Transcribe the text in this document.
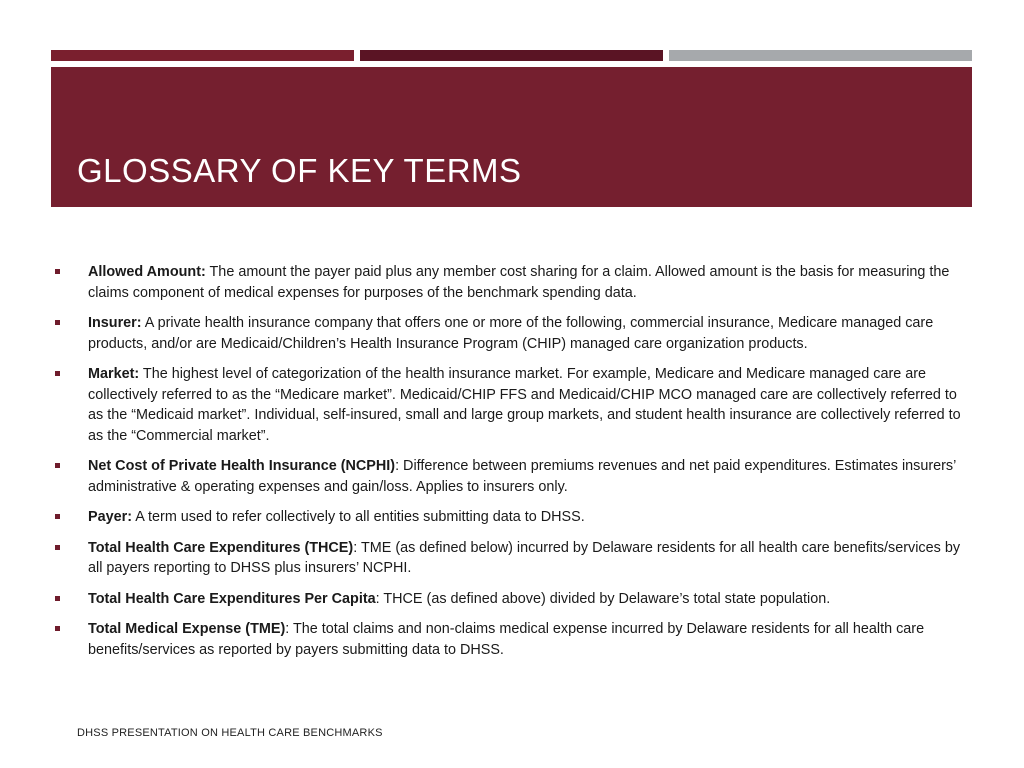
GLOSSARY OF KEY TERMS
Allowed Amount: The amount the payer paid plus any member cost sharing for a claim. Allowed amount is the basis for measuring the claims component of medical expenses for purposes of the benchmark spending data.
Insurer: A private health insurance company that offers one or more of the following, commercial insurance, Medicare managed care products, and/or are Medicaid/Children’s Health Insurance Program (CHIP) managed care organization products.
Market: The highest level of categorization of the health insurance market. For example, Medicare and Medicare managed care are collectively referred to as the “Medicare market”. Medicaid/CHIP FFS and Medicaid/CHIP MCO managed care are collectively referred to as the “Medicaid market”. Individual, self-insured, small and large group markets, and student health insurance are collectively referred to as the “Commercial market”.
Net Cost of Private Health Insurance (NCPHI): Difference between premiums revenues and net paid expenditures. Estimates insurers’ administrative & operating expenses and gain/loss. Applies to insurers only.
Payer: A term used to refer collectively to all entities submitting data to DHSS.
Total Health Care Expenditures (THCE): TME (as defined below) incurred by Delaware residents for all health care benefits/services by all payers reporting to DHSS plus insurers’ NCPHI.
Total Health Care Expenditures Per Capita: THCE (as defined above) divided by Delaware’s total state population.
Total Medical Expense (TME): The total claims and non-claims medical expense incurred by Delaware residents for all health care benefits/services as reported by payers submitting data to DHSS.
DHSS PRESENTATION ON HEALTH CARE BENCHMARKS
